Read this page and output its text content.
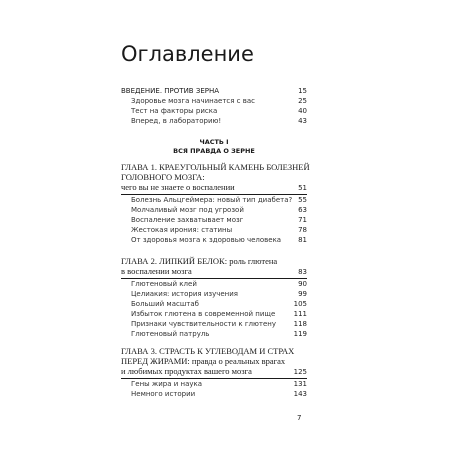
Оглавление
ВВЕДЕНИЕ. ПРОТИВ ЗЕРНА	15
Здоровье мозга начинается с вас	25
Тест на факторы риска	40
Вперед, в лабораторию!	43
ЧАСТЬ I
ВСЯ ПРАВДА О ЗЕРНЕ
ГЛАВА 1. КРАЕУГОЛЬНЫЙ КАМЕНЬ БОЛЕЗНЕЙ
ГОЛОВНОГО МОЗГА:
чего вы не знаете о воспалении	51
Болезнь Альцгеймера: новый тип диабета? 55
Молчаливый мозг под угрозой	63
Воспаление захватывает мозг	71
Жестокая ирония: статины	78
От здоровья мозга к здоровью человека	81
ГЛАВА 2. ЛИПКИЙ БЕЛОК: роль глютена
в воспалении мозга	83
Глютеновый клей	90
Целиакия: история изучения	99
Больший масштаб	105
Избыток глютена в современной пище	111
Признаки чувствительности к глютену	118
Глютеновый патруль	119
ГЛАВА 3. СТРАСТЬ К УГЛЕВОДАМ И СТРАХ
ПЕРЕД ЖИРАМИ: правда о реальных врагах
и любимых продуктах вашего мозга	125
Гены жира и наука	131
Немного истории	143
7
